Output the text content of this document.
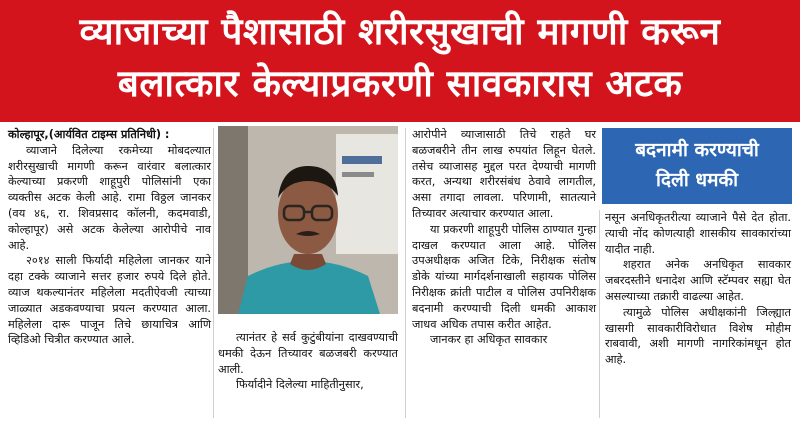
व्याजाच्या पैशासाठी शरीरसुखाची मागणी करून
बलात्कार केल्याप्रकरणी सावकारास अटक

कोल्हापूर,(आर्यवित टाइम्स प्रतिनिधी) :

व्याजाने दिलेल्या रकमेच्या मोबदल्यात शरीरसुखाची मागणी करून वारंवार बलात्कार केल्याच्या प्रकरणी शाहूपुरी पोलिसांनी एका व्यक्तीस अटक केली आहे. रामा विठ्ठल जानकर (वय ४६, रा. शिवप्रसाद कॉलनी, कदमवाडी, कोल्हापूर) असे अटक केलेल्या आरोपीचे नाव आहे.

२०१४ साली फिर्यादी महिलेला जानकर याने दहा टक्के व्याजाने सत्तर हजार रुपये दिले होते. व्याज थकल्यानंतर महिलेला मदतीऐवजी त्याच्या जाळ्यात अडकवण्याचा प्रयत्न करण्यात आला. महिलेला दारू पाजून तिचे छायाचित्र आणि व्हिडिओ चित्रीत करण्यात आले.	त्यानंतर हे सर्व कुटुंबीयांना दाखवण्याची धमकी देऊन तिच्यावर बळजबरी करण्यात आली.

फिर्यादीने दिलेल्या माहितीनुसार,

आरोपीने व्याजासाठी तिचे राहते घर बळजबरीने तीन लाख रुपयांत लिहून घेतले. तसेच व्याजासह मुद्दल परत देण्याची मागणी करत, अन्यथा शरीरसंबंध ठेवावे लागतील, असा तगादा लावला. परिणामी, सातत्याने तिच्यावर अत्याचार करण्यात आला.

या प्रकरणी शाहूपुरी पोलिस ठाण्यात गुन्हा दाखल करण्यात आला आहे. पोलिस उपअधीक्षक अजित टिके, निरीक्षक संतोष डोके यांच्या मार्गदर्शनाखाली सहायक पोलिस निरीक्षक क्रांती पाटील व पोलिस उपनिरीक्षक बदनामी करण्याची दिली धमकी आकाश जाधव अधिक तपास करीत आहेत.

जानकर हा अधिकृत सावकार

बदनामी करण्याची
दिली धमकी

नसून अनधिकृतरीत्या व्याजाने पैसे देत होता. त्याची नोंद कोणत्याही शासकीय सावकारांच्या यादीत नाही.

शहरात अनेक अनधिकृत सावकार जबरदस्तीने धनादेश आणि स्टॅम्पवर सह्या घेत असल्याच्या तक्रारी वाढल्या आहेत.

त्यामुळे पोलिस अधीक्षकांनी जिल्ह्यात खासगी सावकारीविरोधात विशेष मोहीम राबवावी, अशी मागणी नागरिकांमधून होत आहे.
